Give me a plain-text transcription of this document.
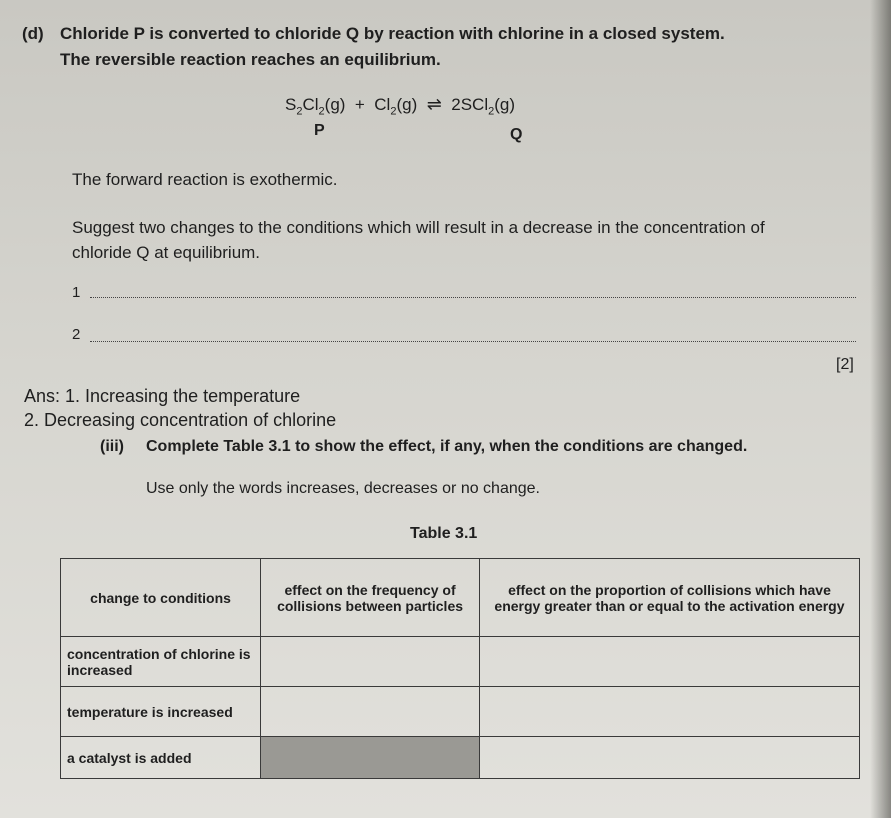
(d) Chloride P is converted to chloride Q by reaction with chlorine in a closed system.
The reversible reaction reaches an equilibrium.
$S_2Cl_2(g) + Cl_2(g)$ ⇌ 2SCl$_2$(g)
P	Q
The forward reaction is exothermic.
Suggest two changes to the conditions which will result in a decrease in the concentration of
chloride Q at equilibrium.
1
2
[2]
Ans: 1. Increasing the temperature
2. Decreasing concentration of chlorine
(iii) Complete Table 3.1 to show the effect, if any, when the conditions are changed.
Use only the words increases, decreases or no change.
Table 3.1
change to conditions	effect on the frequency of collisions between particles	effect on the proportion of collisions which have energy greater than or equal to the activation energy
concentration of chlorine is increased		
temperature is increased		
a catalyst is added		
